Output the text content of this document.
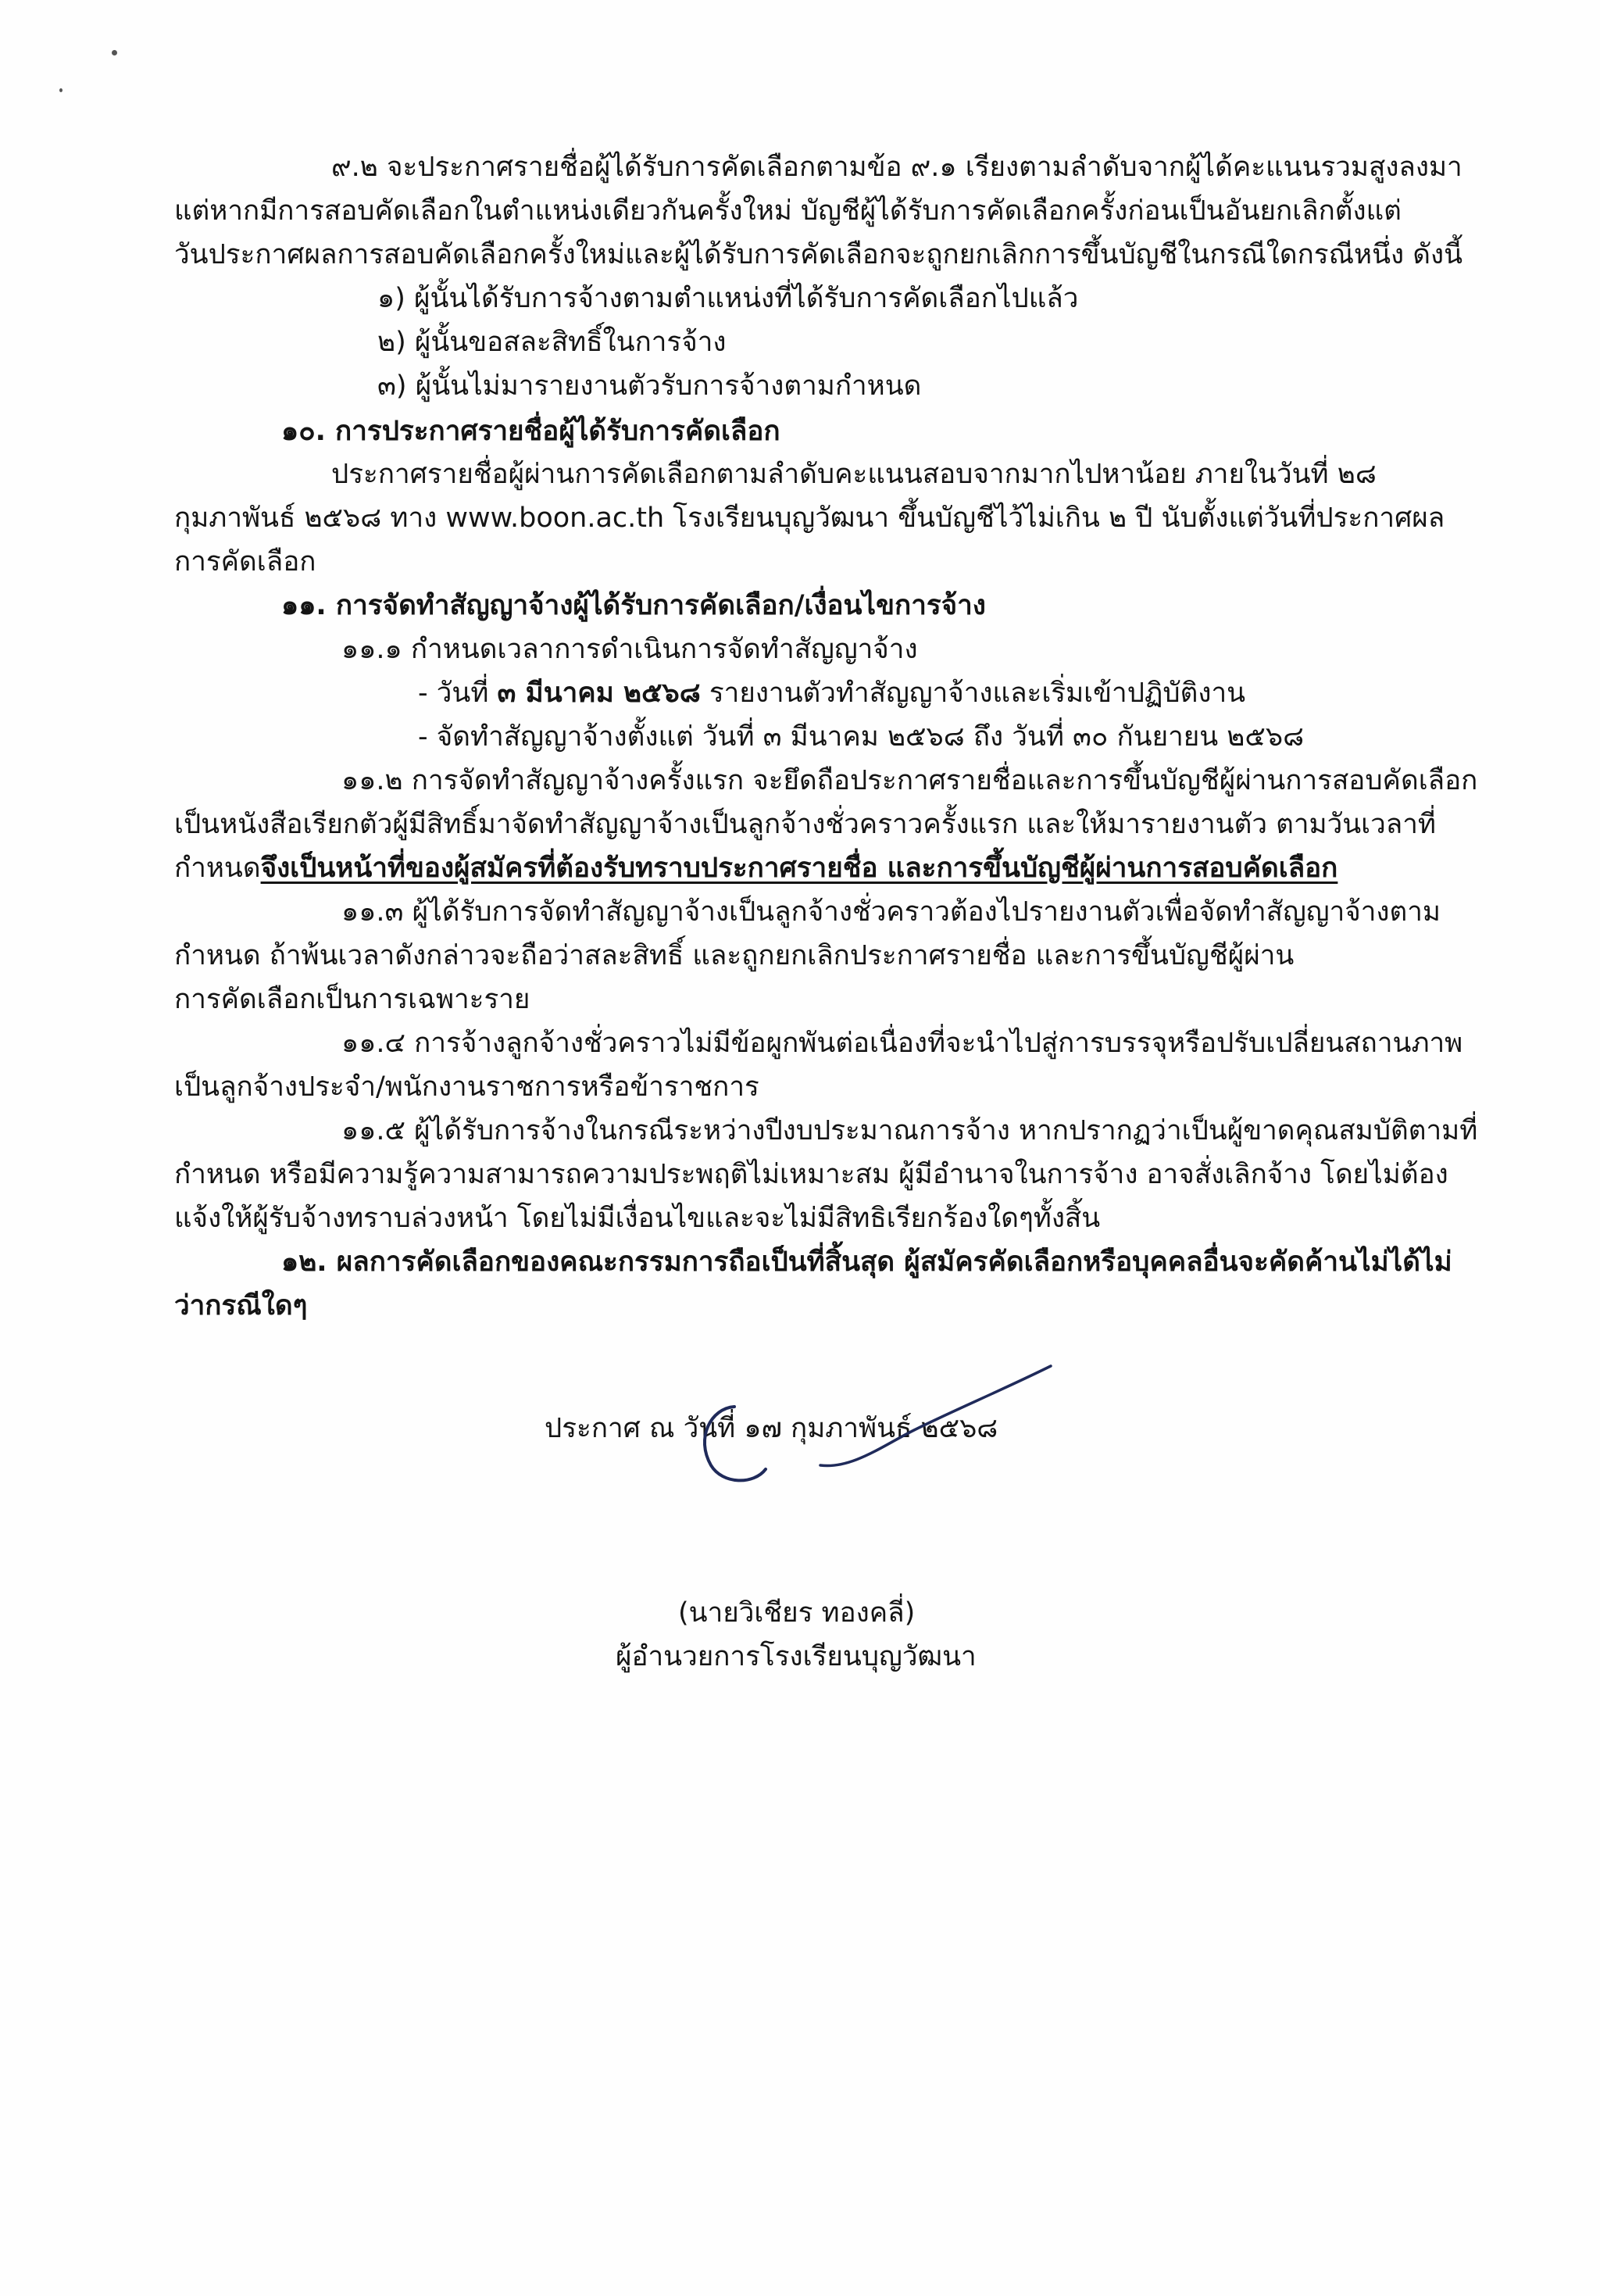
๙.๒ จะประกาศรายชื่อผู้ได้รับการคัดเลือกตามข้อ ๙.๑ เรียงตามลำดับจากผู้ได้คะแนนรวมสูงลงมา
แต่หากมีการสอบคัดเลือกในตำแหน่งเดียวกันครั้งใหม่ บัญชีผู้ได้รับการคัดเลือกครั้งก่อนเป็นอันยกเลิกตั้งแต่
วันประกาศผลการสอบคัดเลือกครั้งใหม่และผู้ได้รับการคัดเลือกจะถูกยกเลิกการขึ้นบัญชีในกรณีใดกรณีหนึ่ง ดังนี้
๑) ผู้นั้นได้รับการจ้างตามตำแหน่งที่ได้รับการคัดเลือกไปแล้ว
๒) ผู้นั้นขอสละสิทธิ์ในการจ้าง
๓) ผู้นั้นไม่มารายงานตัวรับการจ้างตามกำหนด
๑๐. การประกาศรายชื่อผู้ได้รับการคัดเลือก
ประกาศรายชื่อผู้ผ่านการคัดเลือกตามลำดับคะแนนสอบจากมากไปหาน้อย ภายในวันที่ ๒๘
กุมภาพันธ์ ๒๕๖๘ ทาง www.boon.ac.th โรงเรียนบุญวัฒนา ขึ้นบัญชีไว้ไม่เกิน ๒ ปี นับตั้งแต่วันที่ประกาศผล
การคัดเลือก
๑๑. การจัดทำสัญญาจ้างผู้ได้รับการคัดเลือก/เงื่อนไขการจ้าง
๑๑.๑ กำหนดเวลาการดำเนินการจัดทำสัญญาจ้าง
- วันที่ ๓ มีนาคม ๒๕๖๘ รายงานตัวทำสัญญาจ้างและเริ่มเข้าปฏิบัติงาน
- จัดทำสัญญาจ้างตั้งแต่ วันที่ ๓ มีนาคม ๒๕๖๘ ถึง วันที่ ๓๐ กันยายน ๒๕๖๘
๑๑.๒ การจัดทำสัญญาจ้างครั้งแรก จะยึดถือประกาศรายชื่อและการขึ้นบัญชีผู้ผ่านการสอบคัดเลือก
เป็นหนังสือเรียกตัวผู้มีสิทธิ์มาจัดทำสัญญาจ้างเป็นลูกจ้างชั่วคราวครั้งแรก และให้มารายงานตัว ตามวันเวลาที่
กำหนดจึงเป็นหน้าที่ของผู้สมัครที่ต้องรับทราบประกาศรายชื่อ และการขึ้นบัญชีผู้ผ่านการสอบคัดเลือก
๑๑.๓ ผู้ได้รับการจัดทำสัญญาจ้างเป็นลูกจ้างชั่วคราวต้องไปรายงานตัวเพื่อจัดทำสัญญาจ้างตาม
กำหนด ถ้าพ้นเวลาดังกล่าวจะถือว่าสละสิทธิ์ และถูกยกเลิกประกาศรายชื่อ และการขึ้นบัญชีผู้ผ่าน
การคัดเลือกเป็นการเฉพาะราย
๑๑.๔ การจ้างลูกจ้างชั่วคราวไม่มีข้อผูกพันต่อเนื่องที่จะนำไปสู่การบรรจุหรือปรับเปลี่ยนสถานภาพ
เป็นลูกจ้างประจำ/พนักงานราชการหรือข้าราชการ
๑๑.๕ ผู้ได้รับการจ้างในกรณีระหว่างปีงบประมาณการจ้าง หากปรากฏว่าเป็นผู้ขาดคุณสมบัติตามที่
กำหนด หรือมีความรู้ความสามารถความประพฤติไม่เหมาะสม ผู้มีอำนาจในการจ้าง อาจสั่งเลิกจ้าง โดยไม่ต้อง
แจ้งให้ผู้รับจ้างทราบล่วงหน้า โดยไม่มีเงื่อนไขและจะไม่มีสิทธิเรียกร้องใดๆทั้งสิ้น
๑๒. ผลการคัดเลือกของคณะกรรมการถือเป็นที่สิ้นสุด ผู้สมัครคัดเลือกหรือบุคคลอื่นจะคัดค้านไม่ได้ไม่
ว่ากรณีใดๆ
ประกาศ ณ วันที่ ๑๗ กุมภาพันธ์ ๒๕๖๘
(นายวิเชียร ทองคลี่)
ผู้อำนวยการโรงเรียนบุญวัฒนา
